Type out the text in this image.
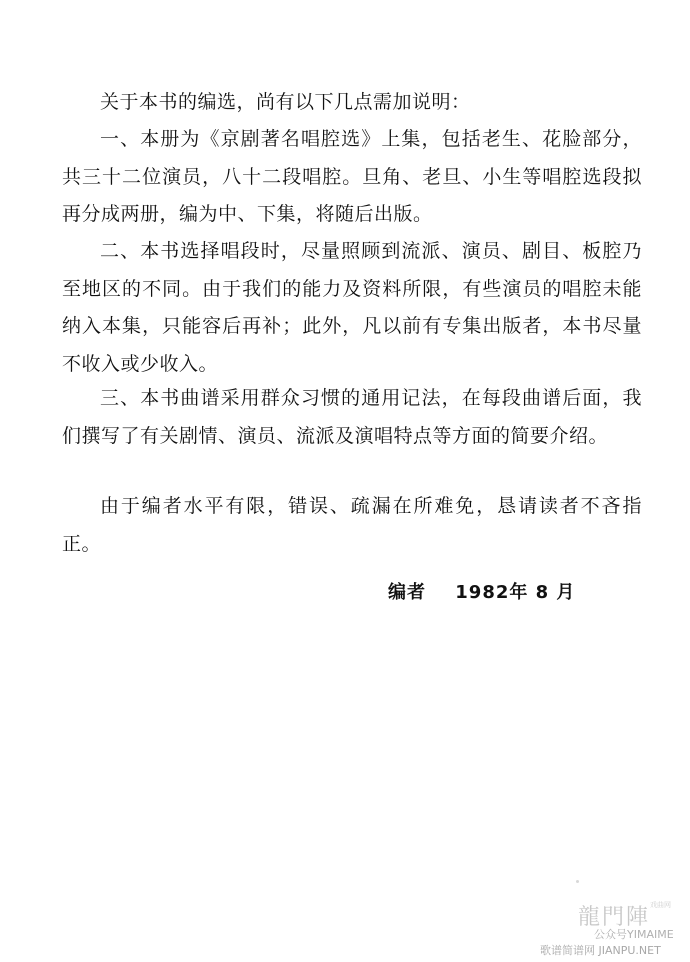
关于本书的编选，尚有以下几点需加说明：

一、本册为《京剧著名唱腔选》上集，包括老生、花脸部分，共三十二位演员，八十二段唱腔。旦角、老旦、小生等唱腔选段拟再分成两册，编为中、下集，将随后出版。

二、本书选择唱段时，尽量照顾到流派、演员、剧目、板腔乃至地区的不同。由于我们的能力及资料所限，有些演员的唱腔未能纳入本集，只能容后再补；此外，凡以前有专集出版者，本书尽量不收入或少收入。

三、本书曲谱采用群众习惯的通用记法，在每段曲谱后面，我们撰写了有关剧情、演员、流派及演唱特点等方面的简要介绍。

由于编者水平有限，错误、疏漏在所难免，恳请读者不吝指正。

编者 1982年 8 月
龍門陣$^{戏曲网}$
公众号YIMAIME
歌谱简谱网 JIANPU.NET
